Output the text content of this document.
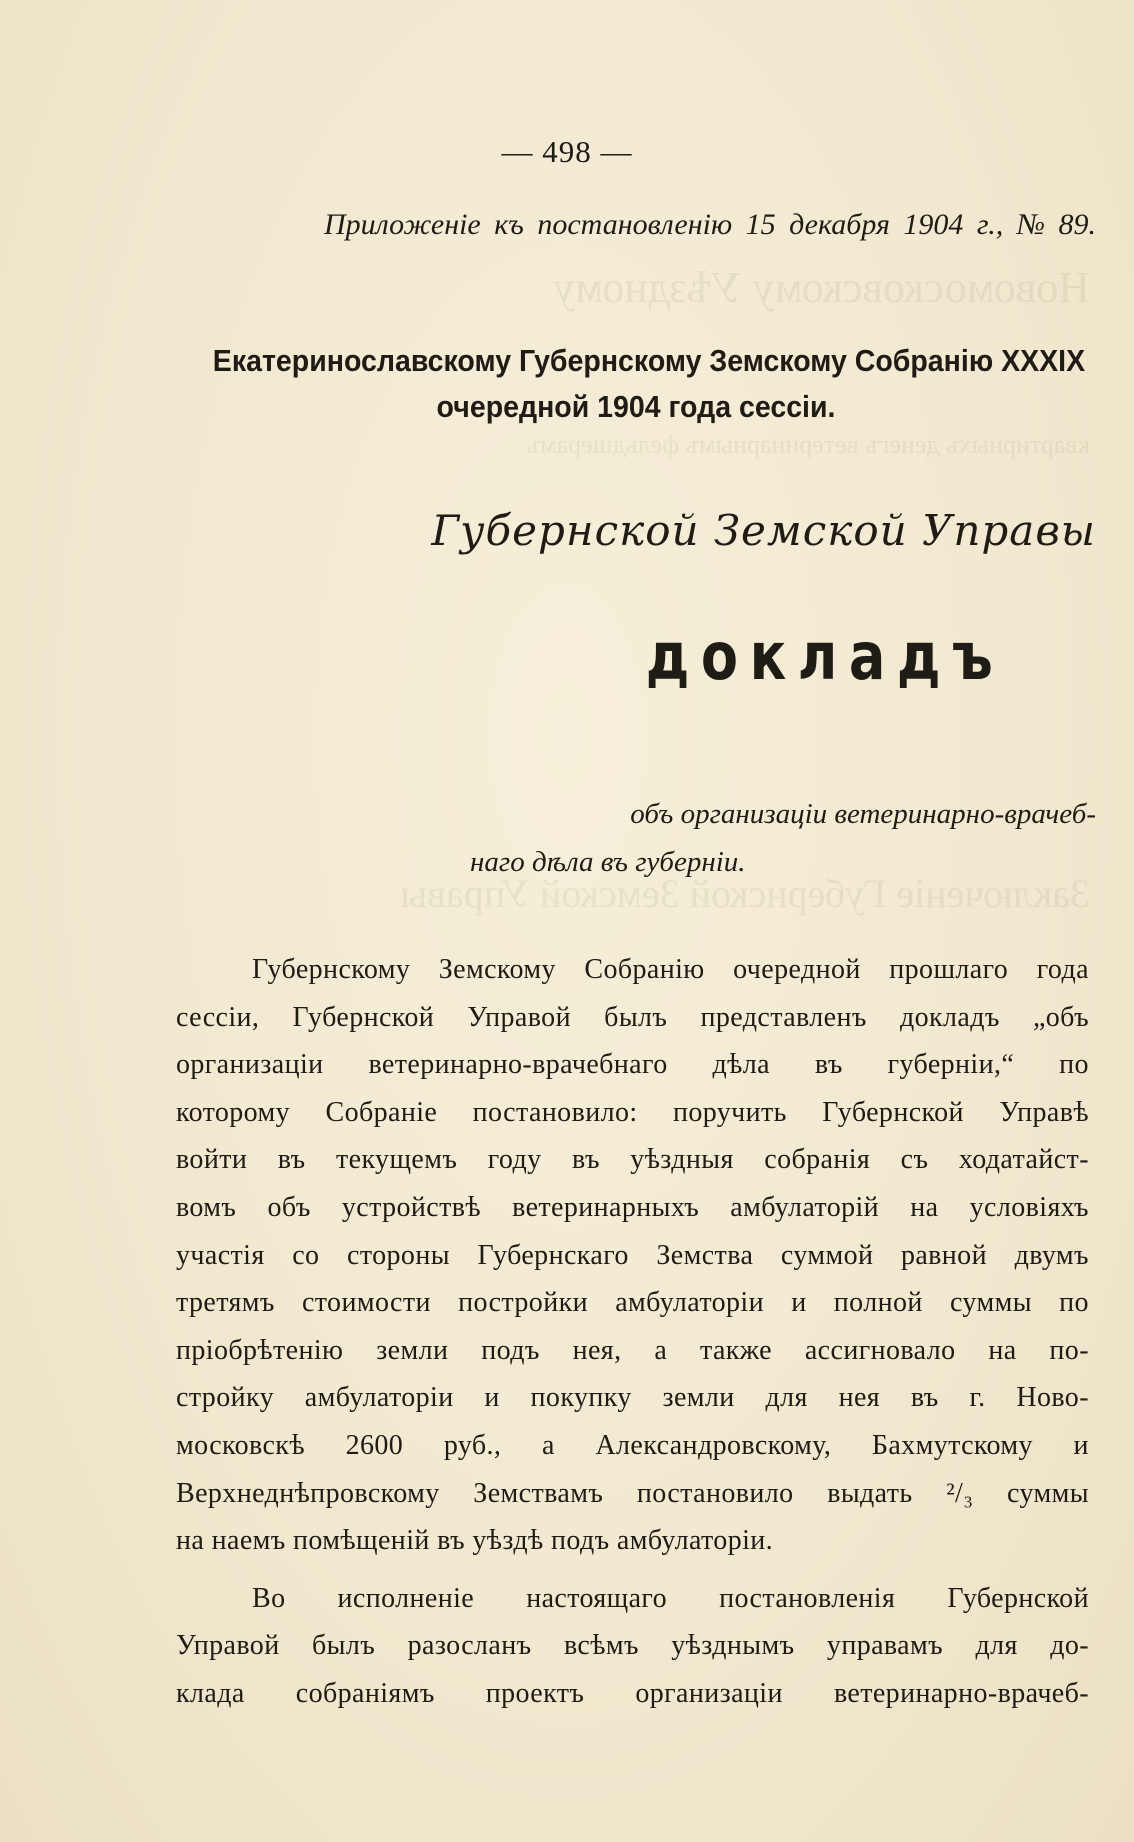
Новомосковскому Уѣздному
квартирныхъ денегъ ветеринарнымъ фельдшерамъ
Заключеніе Губернской Земской Управы
— 498 —
Приложеніе къ постановленію 15 декабря 1904 г., № 89.
Екатеринославскому Губернскому Земскому Собранію XXXIX
очередной 1904 года сессіи.
Губернской Земской Управы
докладъ
объ организаціи ветеринарно-врачеб-
наго дѣла въ губерніи.
Губернскому Земскому Собранію очередной прошлаго года
сессіи, Губернской Управой былъ представленъ докладъ „объ
организаціи ветеринарно-врачебнаго дѣла въ губерніи,“ по
которому Собраніе постановило: поручить Губернской Управѣ
войти въ текущемъ году въ уѣздныя собранія съ ходатайст-
вомъ объ устройствѣ ветеринарныхъ амбулаторій на условіяхъ
участія со стороны Губернскаго Земства суммой равной двумъ
третямъ стоимости постройки амбулаторіи и полной суммы по
пріобрѣтенію земли подъ нея, а также ассигновало на по-
стройку амбулаторіи и покупку земли для нея въ г. Ново-
московскѣ 2600 руб., а Александровскому, Бахмутскому и
Верхнеднѣпровскому Земствамъ постановило выдать ²/₃ суммы
на наемъ помѣщеній въ уѣздѣ подъ амбулаторіи.
Во исполненіе настоящаго постановленія Губернской
Управой былъ разосланъ всѣмъ уѣзднымъ управамъ для до-
клада собраніямъ проектъ организаціи ветеринарно-врачеб-
